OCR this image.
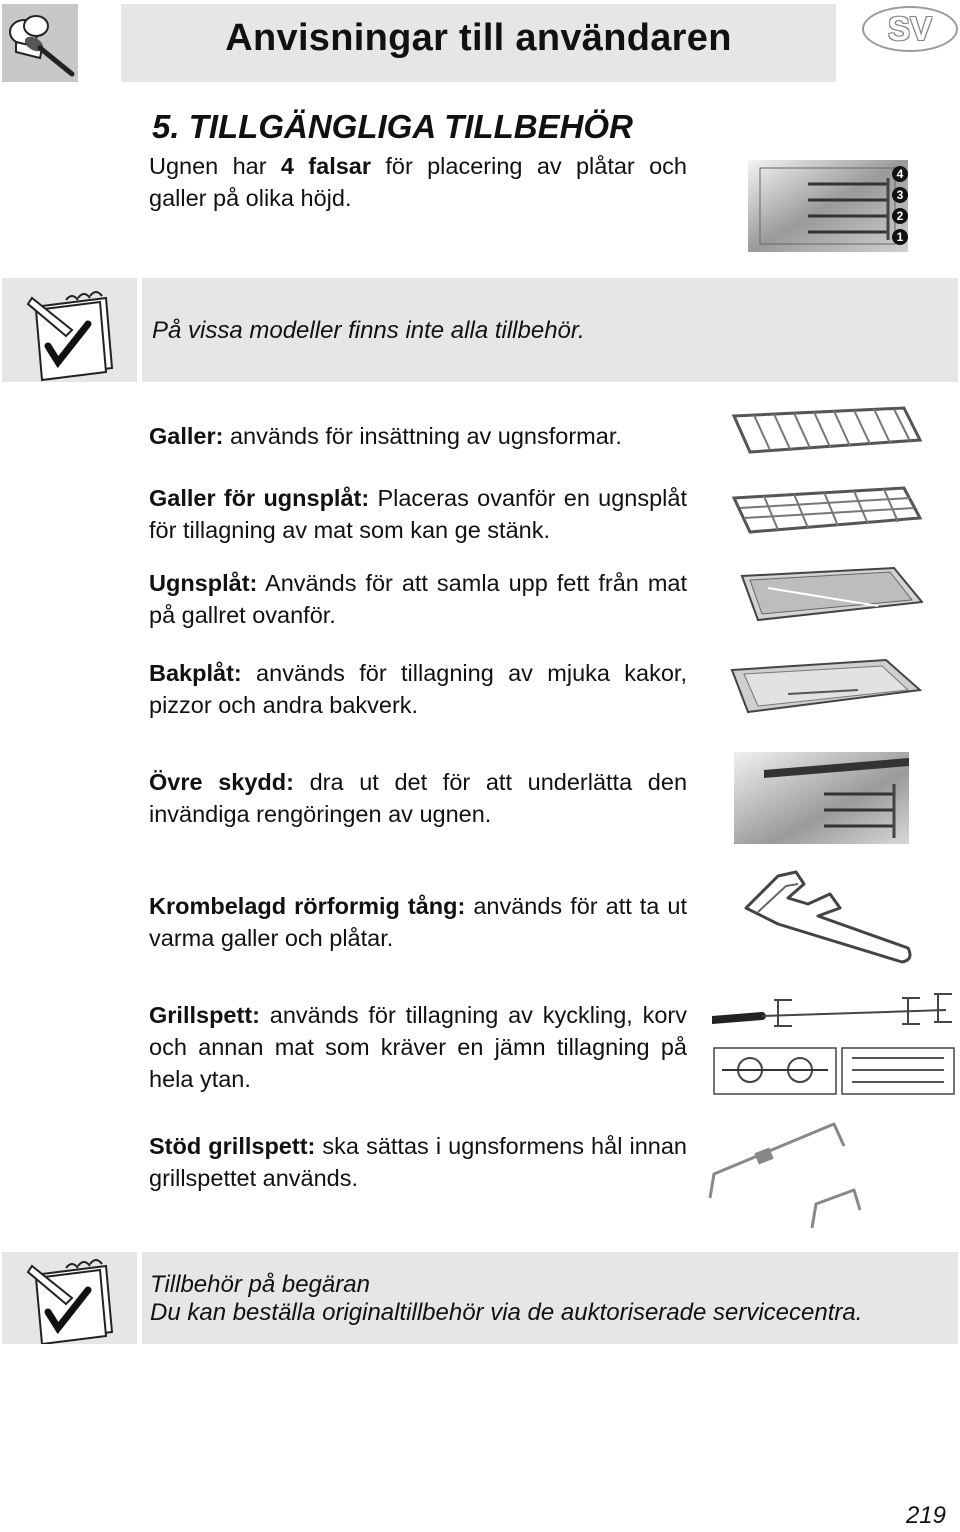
Anvisningar till användaren	SV
5. TILLGÄNGLIGA TILLBEHÖR
Ugnen har 4 falsar för placering av plåtar och galler på olika höjd.
4
3
2
1
På vissa modeller finns inte alla tillbehör.
Galler: används för insättning av ugnsformar.
Galler för ugnsplåt: Placeras ovanför en ugnsplåt för tillagning av mat som kan ge stänk.
Ugnsplåt: Används för att samla upp fett från mat på gallret ovanför.
Bakplåt: används för tillagning av mjuka kakor, pizzor och andra bakverk.
Övre skydd: dra ut det för att underlätta den invändiga rengöringen av ugnen.
Krombelagd rörformig tång: används för att ta ut varma galler och plåtar.
Grillspett: används för tillagning av kyckling, korv och annan mat som kräver en jämn tillagning på hela ytan.
Stöd grillspett: ska sättas i ugnsformens hål innan grillspettet används.
Tillbehör på begäran
Du kan beställa originaltillbehör via de auktoriserade servicecentra.
219
